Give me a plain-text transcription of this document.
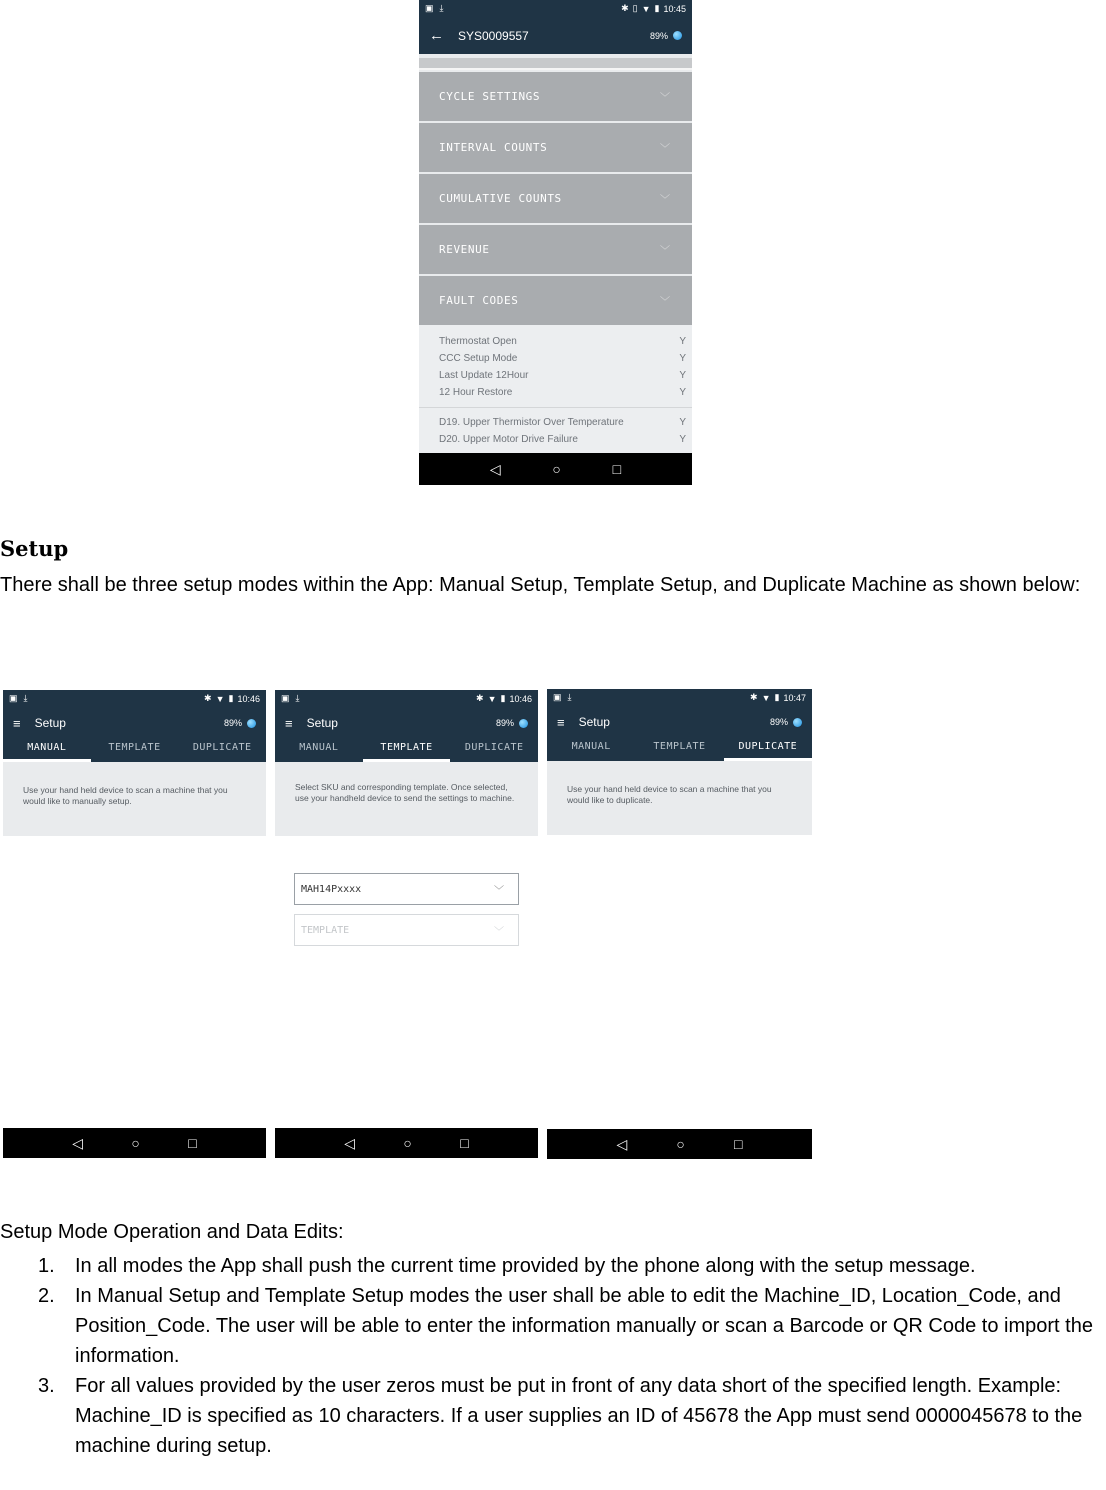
▣ ⤓	✱ ▯ ▼ ▮ 10:45
← SYS0009557	89%
CYCLE SETTINGS	﹀
INTERVAL COUNTS	﹀
CUMULATIVE COUNTS	﹀
REVENUE	﹀
FAULT CODES	﹀
Thermostat Open	Y
CCC Setup Mode	Y
Last Update 12Hour	Y
12 Hour Restore	Y
D19. Upper Thermistor Over Temperature	Y
D20. Upper Motor Drive Failure	Y
◁	○	□
Setup
There shall be three setup modes within the App: Manual Setup, Template Setup, and Duplicate Machine as shown below:
▣ ⤓	✱ ▼ ▮ 10:46
≡ Setup	89%
MANUAL	TEMPLATE	DUPLICATE
Use your hand held device to scan a machine that you would like to manually setup.
◁	○	□
▣ ⤓	✱ ▼ ▮ 10:46
≡ Setup	89%
MANUAL	TEMPLATE	DUPLICATE
Select SKU and corresponding template. Once selected, use your handheld device to send the settings to machine.
MAH14Pxxxx	﹀
TEMPLATE	﹀
◁	○	□
▣ ⤓	✱ ▼ ▮ 10:47
≡ Setup	89%
MANUAL	TEMPLATE	DUPLICATE
Use your hand held device to scan a machine that you would like to duplicate.
◁	○	□
Setup Mode Operation and Data Edits:
1. In all modes the App shall push the current time provided by the phone along with the setup message.
2. In Manual Setup and Template Setup modes the user shall be able to edit the Machine_ID, Location_Code, and Position_Code. The user will be able to enter the information manually or scan a Barcode or QR Code to import the information.
3. For all values provided by the user zeros must be put in front of any data short of the specified length. Example: Machine_ID is specified as 10 characters. If a user supplies an ID of 45678 the App must send 0000045678 to the machine during setup.
